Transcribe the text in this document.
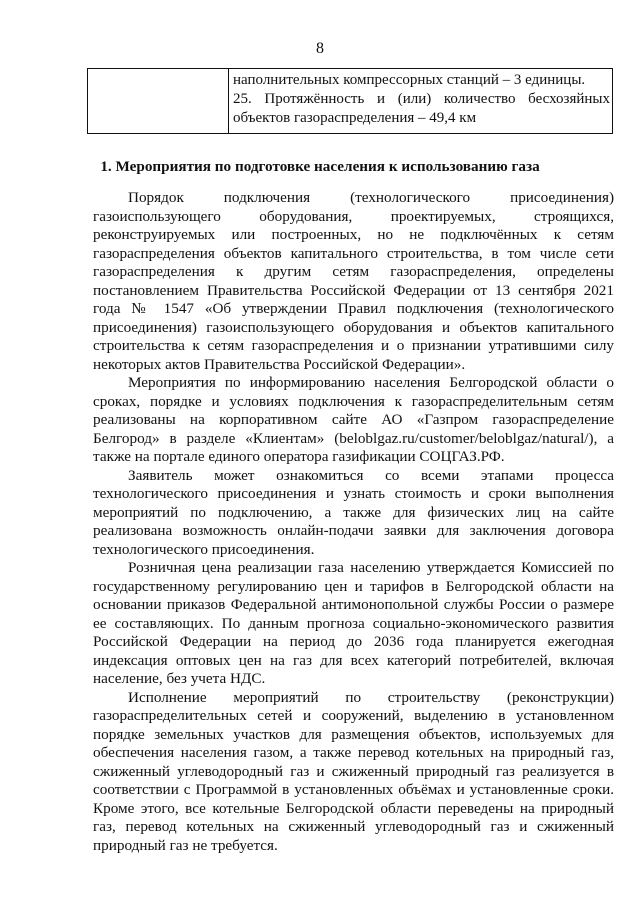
8

наполнительных компрессорных станций – 3 единицы.

25. Протяжённость и (или) количество бесхозяйных объектов газораспределения – 49,4 км

1. Мероприятия по подготовке населения к использованию газа

Порядок подключения (технологического присоединения) газоиспользующего оборудования, проектируемых, строящихся, реконструируемых или построенных, но не подключённых к сетям газораспределения объектов капитального строительства, в том числе сети газораспределения к другим сетям газораспределения, определены постановлением Правительства Российской Федерации от 13 сентября 2021 года № 1547 «Об утверждении Правил подключения (технологического присоединения) газоиспользующего оборудования и объектов капитального строительства к сетям газораспределения и о признании утратившими силу некоторых актов Правительства Российской Федерации».

Мероприятия по информированию населения Белгородской области о сроках, порядке и условиях подключения к газораспределительным сетям реализованы на корпоративном сайте АО «Газпром газораспределение Белгород» в разделе «Клиентам» (beloblgaz.ru/customer/beloblgaz/natural/), а также на портале единого оператора газификации СОЦГАЗ.РФ.

Заявитель может ознакомиться со всеми этапами процесса технологического присоединения и узнать стоимость и сроки выполнения мероприятий по подключению, а также для физических лиц на сайте реализована возможность онлайн-подачи заявки для заключения договора технологического присоединения.

Розничная цена реализации газа населению утверждается Комиссией по государственному регулированию цен и тарифов в Белгородской области на основании приказов Федеральной антимонопольной службы России о размере ее составляющих. По данным прогноза социально-экономического развития Российской Федерации на период до 2036 года планируется ежегодная индексация оптовых цен на газ для всех категорий потребителей, включая население, без учета НДС.

Исполнение мероприятий по строительству (реконструкции) газораспределительных сетей и сооружений, выделению в установленном порядке земельных участков для размещения объектов, используемых для обеспечения населения газом, а также перевод котельных на природный газ, сжиженный углеводородный газ и сжиженный природный газ реализуется в соответствии с Программой в установленных объёмах и установленные сроки. Кроме этого, все котельные Белгородской области переведены на природный газ, перевод котельных на сжиженный углеводородный газ и сжиженный природный газ не требуется.
